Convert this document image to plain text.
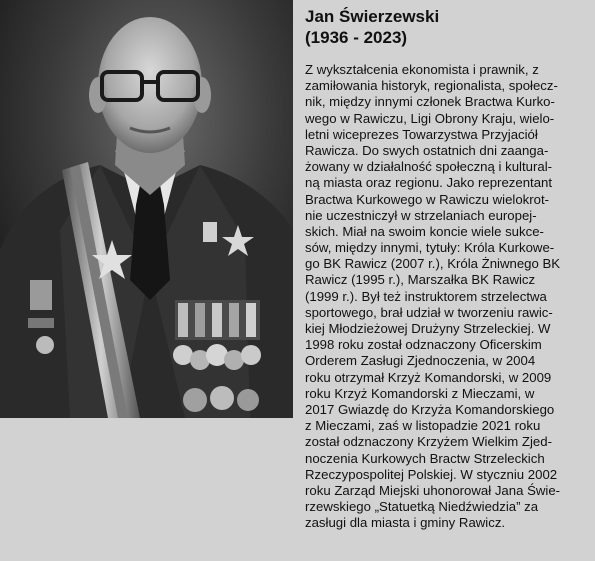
Jan Świerzewski

(1936 - 2023)

Z wykształcenia ekonomista i prawnik, z
zamiłowania historyk, regionalista, społecz-
nik, między innymi członek Bractwa Kurko-
wego w Rawiczu, Ligi Obrony Kraju, wielo-
letni wiceprezes Towarzystwa Przyjaciół
Rawicza. Do swych ostatnich dni zaanga-
żowany w działalność społeczną i kultural-
ną miasta oraz regionu. Jako reprezentant
Bractwa Kurkowego w Rawiczu wielokrot-
nie uczestniczył w strzelaniach europej-
skich. Miał na swoim koncie wiele sukce-
sów, między innymi, tytuły: Króla Kurkowe-
go BK Rawicz (2007 r.), Króla Żniwnego BK
Rawicz (1995 r.), Marszałka BK Rawicz
(1999 r.). Był też instruktorem strzelectwa
sportowego, brał udział w tworzeniu rawic-
kiej Młodzieżowej Drużyny Strzeleckiej. W
1998 roku został odznaczony Oficerskim
Orderem Zasługi Zjednoczenia, w 2004
roku otrzymał Krzyż Komandorski, w 2009
roku Krzyż Komandorski z Mieczami, w
2017 Gwiazdę do Krzyża Komandorskiego
z Mieczami, zaś w listopadzie 2021 roku
został odznaczony Krzyżem Wielkim Zjed-
noczenia Kurkowych Bractw Strzeleckich
Rzeczypospolitej Polskiej. W styczniu 2002
roku Zarząd Miejski uhonorował Jana Świe-
rzewskiego „Statuetką Niedźwiedzia” za
zasługi dla miasta i gminy Rawicz.
